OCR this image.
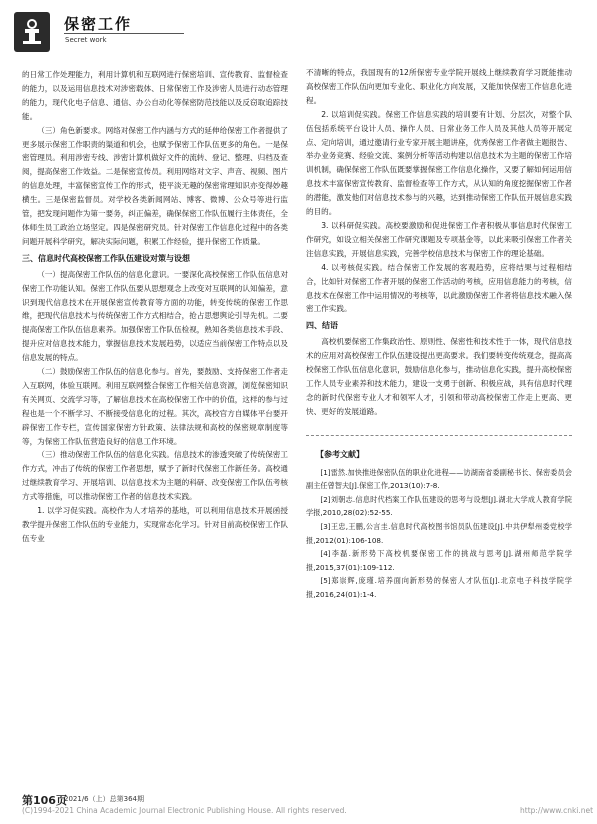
保密工作
Secret work

的日常工作处理能力，利用计算机和互联网进行保密培训、宣传教育、监督检查的能力，以及运用信息技术对涉密载体、日常保密工作及涉密人员进行动态管理的能力，现代化电子信息、通信、办公自动化等保密防范技能以及反窃取追踪技能。

（三）角色新要求。网络对保密工作内涵与方式的延伸给保密工作者提供了更多展示保密工作职责的渠道和机会，也赋予保密工作队伍更多的角色。一是保密管理员。利用涉密专线、涉密计算机做好文件的流转、登记、整理、归档及查阅，提高保密工作效益。二是保密宣传员。利用网络对文字、声音、视频、图片的信息处理，丰富保密宣传工作的形式，使平淡无趣的保密常理知识亦变得妙趣横生。三是保密监督员。对学校各类新闻网站、博客、微博、公众号等进行监管，把发现问题作为第一要务，纠正偏差，确保保密工作队伍履行主体责任，全体师生员工政治立场坚定。四是保密研究员。针对保密工作信息化过程中的各类问题开展科学研究，解决实际问题，积累工作经验，提升保密工作质量。

三、信息时代高校保密工作队伍建设对策与设想

（一）提高保密工作队伍的信息化意识。一要深化高校保密工作队伍信息对保密工作功能认知。保密工作队伍要从思想观念上改变对互联网的认知偏差，意识到现代信息技术在开展保密宣传教育等方面的功能，转变传统的保密工作思维，把现代信息技术与传统保密工作方式相结合，抢占思想舆论引导先机。二要提高保密工作队伍信息素养。加强保密工作队伍检视，熟知各类信息技术手段、提升应对信息技术能力，掌握信息技术发展趋势，以适应当前保密工作特点以及信息发展的特点。

（二）鼓励保密工作队伍的信息化参与。首先，要鼓励、支持保密工作者走入互联网，体验互联网。利用互联网整合保密工作相关信息资源，浏览保密知识有关网页、交流学习等，了解信息技术在高校保密工作中的价值，这样的参与过程也是一个不断学习、不断接受信息化的过程。其次，高校官方自媒体平台要开辟保密工作专栏，宣传国家保密方针政策、法律法规和高校的保密规章制度等等，为保密工作队伍营造良好的信息工作环境。

（三）推动保密工作队伍的信息化实践。信息技术的渗透突破了传统保密工作方式，冲击了传统的保密工作者思想，赋予了新时代保密工作新任务。高校通过继续教育学习、开展培训、以信息技术为主题的科研、改变保密工作队伍考核方式等措施，可以推动保密工作者的信息技术实践。

1. 以学习促实践。高校作为人才培养的基地，可以利用信息技术开展函授教学提升保密工作队伍的专业能力，实现常态化学习。针对目前高校保密工作队伍专业

不清晰的特点，我国现有的12所保密专业学院开展线上继续教育学习既能推动高校保密工作队伍向更加专业化、职业化方向发展，又能加快保密工作信息化进程。

2. 以培训促实践。保密工作信息实践的培训要有计划、分层次，对整个队伍包括系统平台设计人员、操作人员、日常业务工作人员及其他人员等开展定点、定向培训，通过邀请行业专家开展主题讲座，优秀保密工作者做主题报告、举办业务竞赛、经验交流、案例分析等活动构建以信息技术为主题的保密工作培训机制，确保保密工作队伍既要掌握保密工作信息化操作，又要了解如何运用信息技术丰富保密宣传教育、监督检查等工作方式，从认知的角度挖掘保密工作者的潜能，激发他们对信息技术参与的兴趣，达到推动保密工作队伍开展信息实践的目的。

3. 以科研促实践。高校要激励和促进保密工作者积极从事信息时代保密工作研究，如设立相关保密工作研究课题及专项基金等，以此来吸引保密工作者关注信息实践，开展信息实践，完善学校信息技术与保密工作的理论基础。

4. 以考核促实践。结合保密工作发展的客观趋势，应将结果与过程相结合，比如针对保密工作者开展的保密工作活动的考核，应用信息能力的考核，信息技术在保密工作中运用情况的考核等，以此激励保密工作者将信息技术融入保密工作实践。

四、结语

高校机要保密工作集政治性、原则性、保密性和技术性于一体，现代信息技术的应用对高校保密工作队伍建设提出更高要求。我们要转变传统观念，提高高校保密工作队伍信息化意识，鼓励信息化参与，推动信息化实践，提升高校保密工作人员专业素养和技术能力，建设一支勇于创新、积极应战，具有信息时代理念的新时代保密专业人才和领军人才，引领和带动高校保密工作走上更高、更快、更好的发展道路。

【参考文献】

[1]雷然.加快推进保密队伍的职业化进程——访湖南省委副秘书长、保密委员会副主任曾智夫[J].保密工作,2013(10):7-8.

[2]刘朝志.信息时代档案工作队伍建设的思考与设想[J].湖北大学成人教育学院学报,2010,28(02):52-55.

[3]王忠,王鹏,公言圭.信息时代高校图书馆员队伍建设[J].中共伊犁州委党校学报,2012(01):106-108.

[4]李磊.新形势下高校机要保密工作的挑战与思考[J].湖州师范学院学报,2015,37(01):109-112.

[5]郑崇辉,庞瑾.培养面向新形势的保密人才队伍[J].北京电子科技学院学报,2016,24(01):1-4.

第106页
2021/6（上）总第364期
(C)1994-2021 China Academic Journal Electronic Publishing House. All rights reserved.	http://www.cnki.net
